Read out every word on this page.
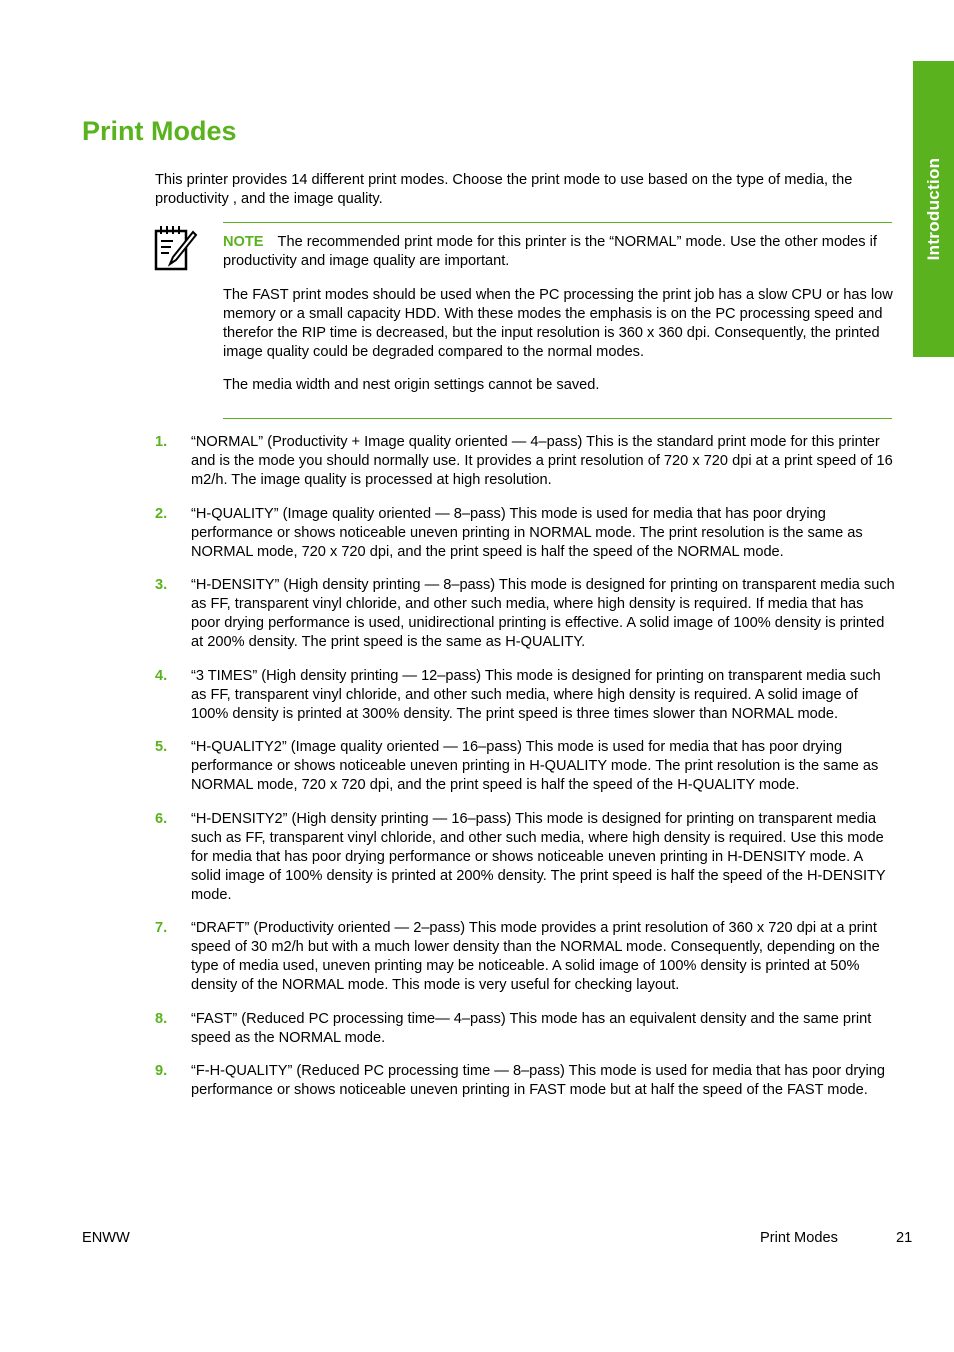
Introduction
Print Modes

This printer provides 14 different print modes. Choose the print mode to use based on the type of media, the productivity , and the image quality.

NOTE The recommended print mode for this printer is the “NORMAL” mode. Use the other modes if productivity and image quality are important.

The FAST print modes should be used when the PC processing the print job has a slow CPU or has low memory or a small capacity HDD. With these modes the emphasis is on the PC processing speed and therefor the RIP time is decreased, but the input resolution is 360 x 360 dpi. Consequently, the printed image quality could be degraded compared to the normal modes.

The media width and nest origin settings cannot be saved.

1. “NORMAL” (Productivity + Image quality oriented — 4–pass) This is the standard print mode for this printer and is the mode you should normally use. It provides a print resolution of 720 x 720 dpi at a print speed of 16 m2/h. The image quality is processed at high resolution.
2. “H-QUALITY” (Image quality oriented — 8–pass) This mode is used for media that has poor drying performance or shows noticeable uneven printing in NORMAL mode. The print resolution is the same as NORMAL mode, 720 x 720 dpi, and the print speed is half the speed of the NORMAL mode.
3. “H-DENSITY” (High density printing — 8–pass) This mode is designed for printing on transparent media such as FF, transparent vinyl chloride, and other such media, where high density is required. If media that has poor drying performance is used, unidirectional printing is effective. A solid image of 100% density is printed at 200% density. The print speed is the same as H-QUALITY.
4. “3 TIMES” (High density printing — 12–pass) This mode is designed for printing on transparent media such as FF, transparent vinyl chloride, and other such media, where high density is required. A solid image of 100% density is printed at 300% density. The print speed is three times slower than NORMAL mode.
5. “H-QUALITY2” (Image quality oriented — 16–pass) This mode is used for media that has poor drying performance or shows noticeable uneven printing in H-QUALITY mode. The print resolution is the same as NORMAL mode, 720 x 720 dpi, and the print speed is half the speed of the H-QUALITY mode.
6. “H-DENSITY2” (High density printing — 16–pass) This mode is designed for printing on transparent media such as FF, transparent vinyl chloride, and other such media, where high density is required. Use this mode for media that has poor drying performance or shows noticeable uneven printing in H-DENSITY mode. A solid image of 100% density is printed at 200% density. The print speed is half the speed of the H-DENSITY mode.
7. “DRAFT” (Productivity oriented — 2–pass) This mode provides a print resolution of 360 x 720 dpi at a print speed of 30 m2/h but with a much lower density than the NORMAL mode. Consequently, depending on the type of media used, uneven printing may be noticeable. A solid image of 100% density is printed at 50% density of the NORMAL mode. This mode is very useful for checking layout.
8. “FAST” (Reduced PC processing time— 4–pass) This mode has an equivalent density and the same print speed as the NORMAL mode.
9. “F-H-QUALITY” (Reduced PC processing time — 8–pass) This mode is used for media that has poor drying performance or shows noticeable uneven printing in FAST mode but at half the speed of the FAST mode.
ENWW	Print Modes	21
